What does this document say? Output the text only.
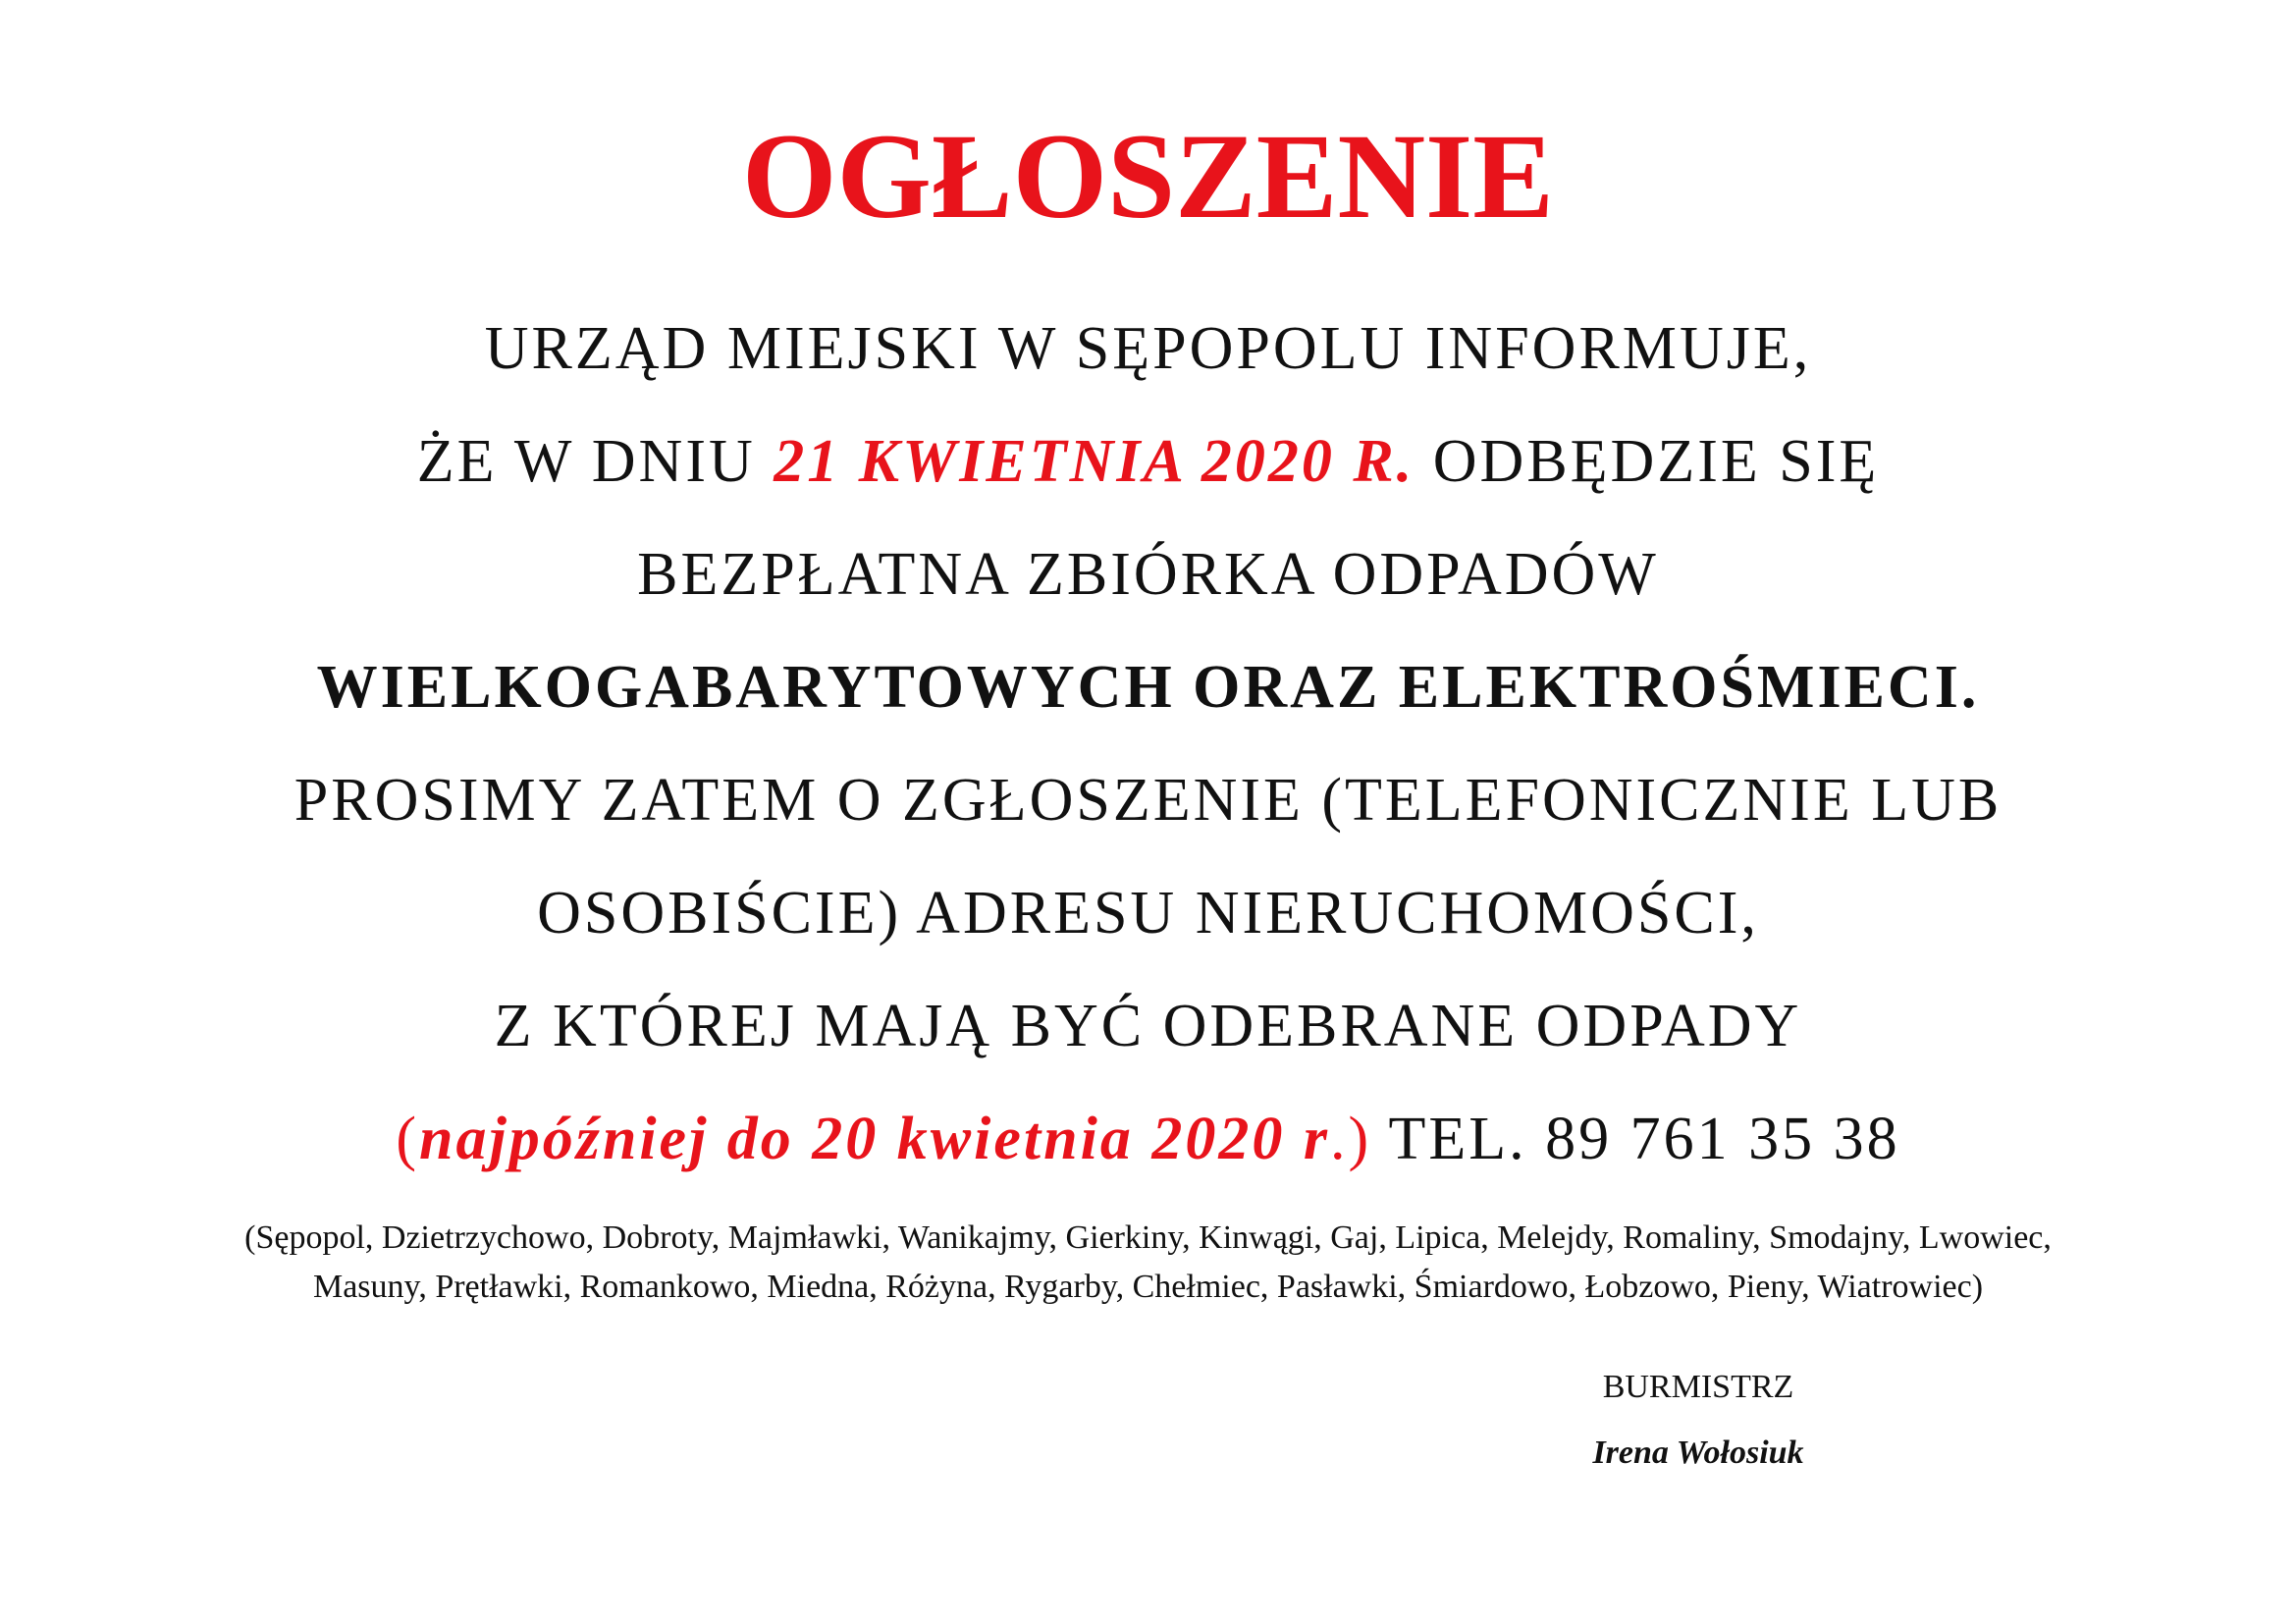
OGŁOSZENIE

URZĄD MIEJSKI W SĘPOPOLU INFORMUJE,

ŻE W DNIU 21 KWIETNIA 2020 R. ODBĘDZIE SIĘ

BEZPŁATNA ZBIÓRKA ODPADÓW

WIELKOGABARYTOWYCH ORAZ ELEKTROŚMIECI.

PROSIMY ZATEM O ZGŁOSZENIE (TELEFONICZNIE LUB

OSOBIŚCIE) ADRESU NIERUCHOMOŚCI,

Z KTÓREJ MAJĄ BYĆ ODEBRANE ODPADY

(najpóźniej do 20 kwietnia 2020 r.) TEL. 89 761 35 38

(Sępopol, Dzietrzychowo, Dobroty, Majmławki, Wanikajmy, Gierkiny, Kinwągi, Gaj, Lipica, Melejdy, Romaliny, Smodajny, Lwowiec,

Masuny, Prętławki, Romankowo, Miedna, Różyna, Rygarby, Chełmiec, Pasławki, Śmiardowo, Łobzowo, Pieny, Wiatrowiec)

BURMISTRZ
Irena Wołosiuk
